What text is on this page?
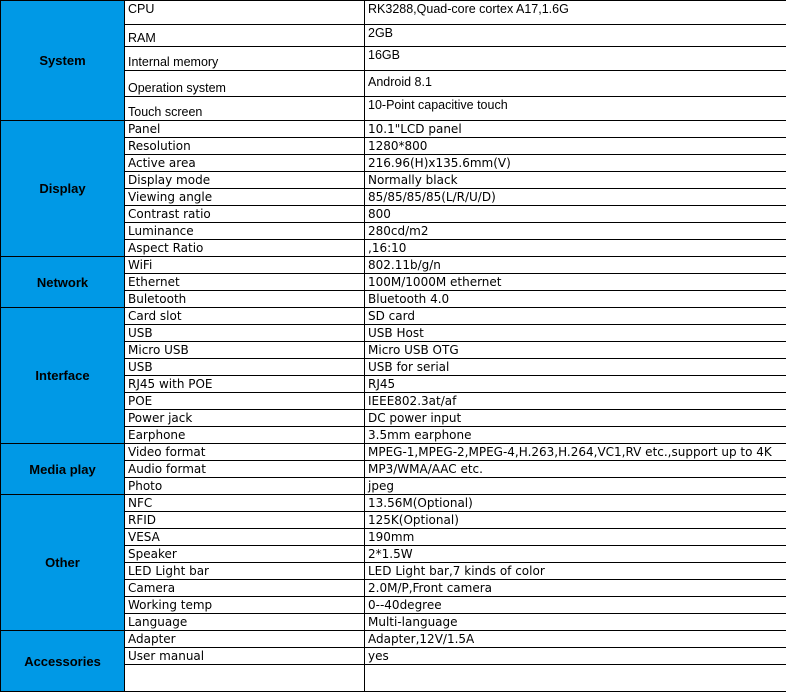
System	CPU	RK3288,Quad-core cortex A17,1.6G
	RAM	2GB
	Internal memory	16GB
	Operation system	Android 8.1
	Touch screen	10-Point capacitive touch
Display	Panel	10.1"LCD panel
	Resolution	1280*800
	Active area	216.96(H)x135.6mm(V)
	Display mode	Normally black
	Viewing angle	85/85/85/85(L/R/U/D)
	Contrast ratio	800
	Luminance	280cd/m2
	Aspect Ratio	,16:10
Network	WiFi	802.11b/g/n
	Ethernet	100M/1000M ethernet
	Buletooth	Bluetooth 4.0
Interface	Card slot	SD card
	USB	USB Host
	Micro USB	Micro USB OTG
	USB	USB for serial
	RJ45 with POE	RJ45
	POE	IEEE802.3at/af
	Power jack	DC power input
	Earphone	3.5mm earphone
Media play	Video format	MPEG-1,MPEG-2,MPEG-4,H.263,H.264,VC1,RV etc.,support up to 4K
	Audio format	MP3/WMA/AAC etc.
	Photo	jpeg
Other	NFC	13.56M(Optional)
	RFID	125K(Optional)
	VESA	190mm
	Speaker	2*1.5W
	LED Light bar	LED Light bar,7 kinds of color
	Camera	2.0M/P,Front camera
	Working temp	0--40degree
	Language	Multi-language
Accessories	Adapter	Adapter,12V/1.5A
	User manual	yes
